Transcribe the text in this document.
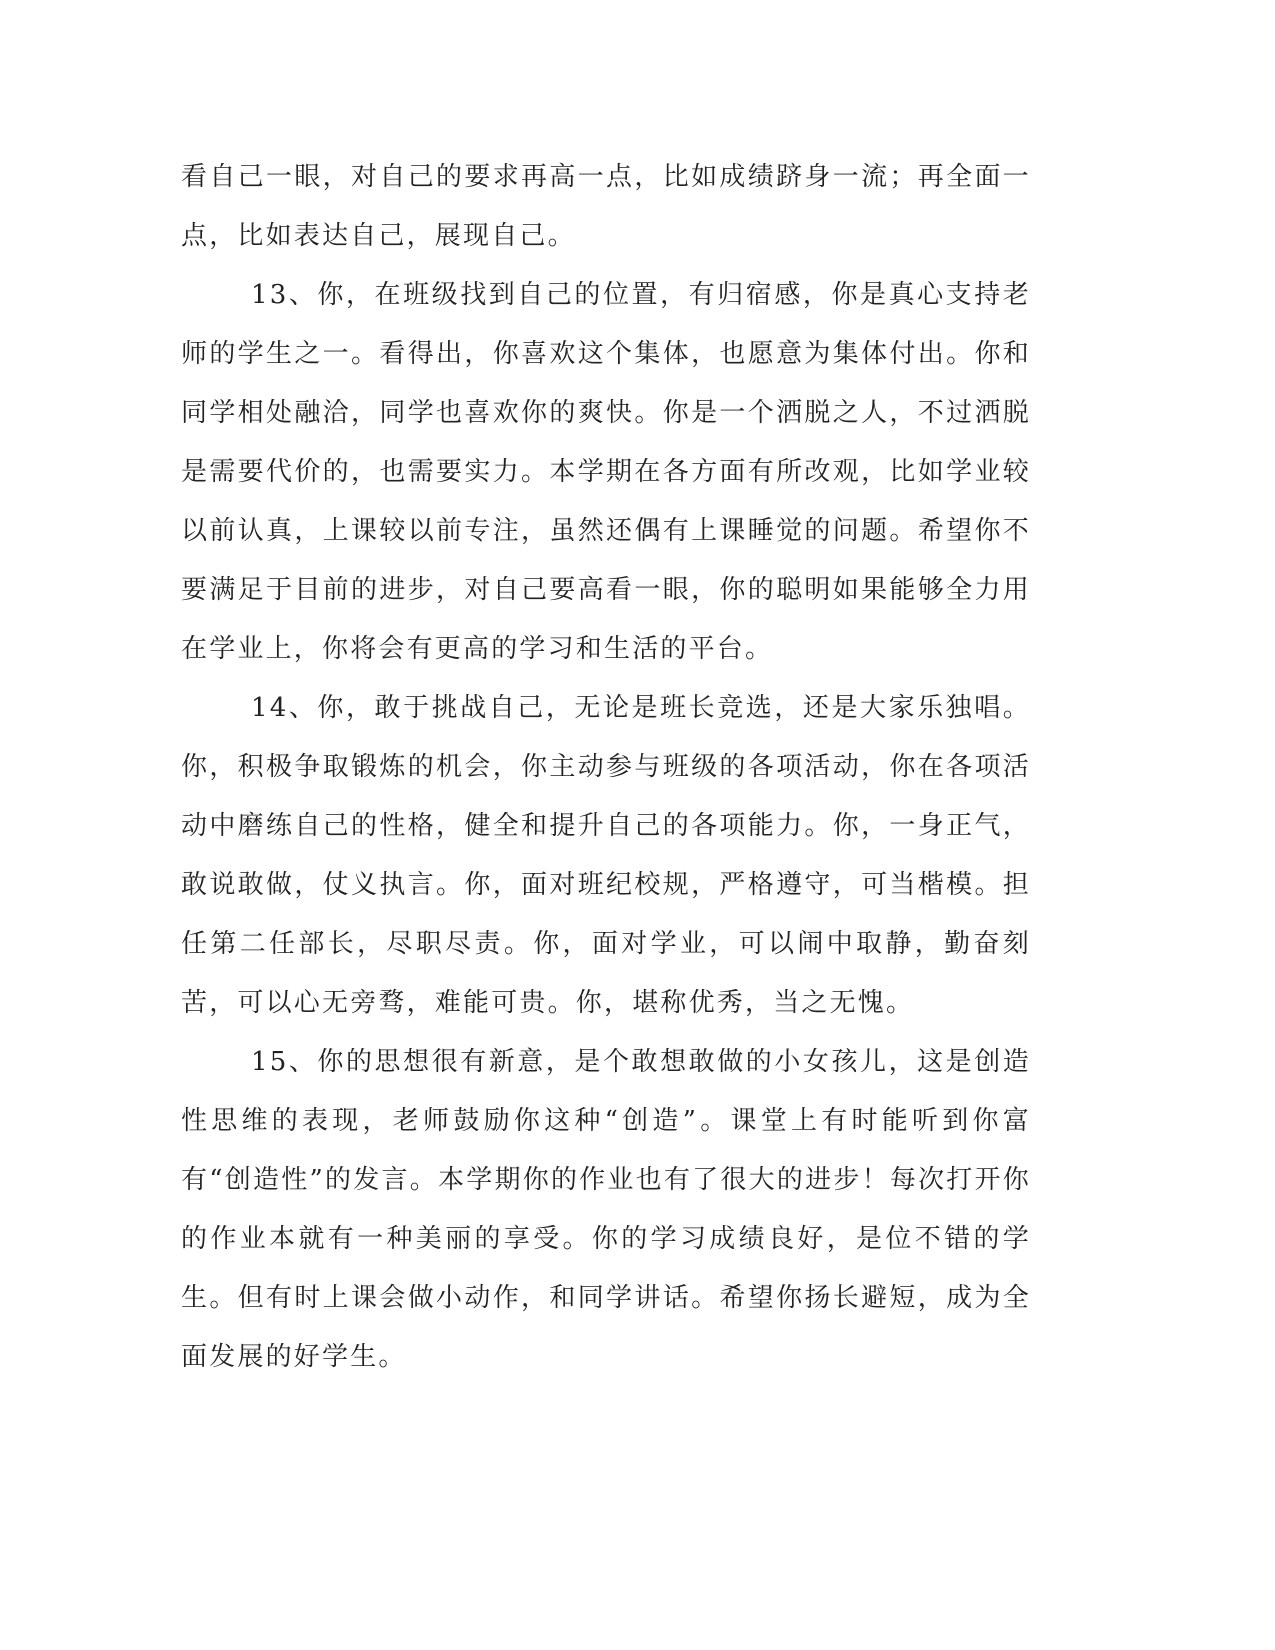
看自己一眼，对自己的要求再高一点，比如成绩跻身一流；再全面一点，比如表达自己，展现自己。

13、你，在班级找到自己的位置，有归宿感，你是真心支持老师的学生之一。看得出，你喜欢这个集体，也愿意为集体付出。你和同学相处融洽，同学也喜欢你的爽快。你是一个洒脱之人，不过洒脱是需要代价的，也需要实力。本学期在各方面有所改观，比如学业较以前认真，上课较以前专注，虽然还偶有上课睡觉的问题。希望你不要满足于目前的进步，对自己要高看一眼，你的聪明如果能够全力用在学业上，你将会有更高的学习和生活的平台。

14、你，敢于挑战自己，无论是班长竞选，还是大家乐独唱。你，积极争取锻炼的机会，你主动参与班级的各项活动，你在各项活动中磨练自己的性格，健全和提升自己的各项能力。你，一身正气，敢说敢做，仗义执言。你，面对班纪校规，严格遵守，可当楷模。担任第二任部长，尽职尽责。你，面对学业，可以闹中取静，勤奋刻苦，可以心无旁骛，难能可贵。你，堪称优秀，当之无愧。

15、你的思想很有新意，是个敢想敢做的小女孩儿，这是创造性思维的表现，老师鼓励你这种“创造”。课堂上有时能听到你富有“创造性”的发言。本学期你的作业也有了很大的进步！每次打开你的作业本就有一种美丽的享受。你的学习成绩良好，是位不错的学生。但有时上课会做小动作，和同学讲话。希望你扬长避短，成为全面发展的好学生。
